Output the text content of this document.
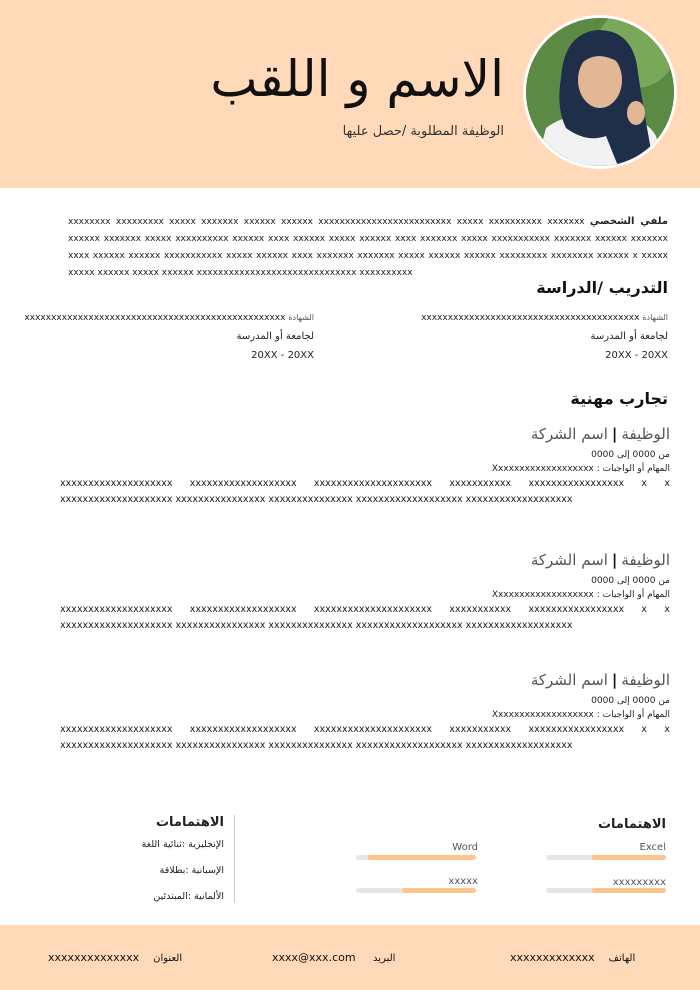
الاسم و اللقب
الوظيفة المطلوبة /حصل عليها
ملفي الشخصي xxxxxxxx xxxxxxxxx xxxxx xxxxxxx xxxxxx xxxxxx xxxxxxxxxxxxxxxxxxxxxxxxx xxxxx xxxxxxxxxx xxxxxxx xxxxxx xxxxxxx xxxxx xxxxxxxxxx xxxxxx xxxx xxxxxx xxxxx xxxxxx xxxx xxxxxxx xxxxx xxxxxxxxxxx xxxxxxx xxxxxx xxxxxxx xxxx xxxxxx xxxxxx xxxxxxxxxxx xxxxx xxxxxx xxxx xxxxxxx xxxxxxx xxxxx xxxxxx xxxxxx xxxxxxxxx xxxxxxxx xxxxxx x xxxxx xxxxx xxxxxx xxxxx xxxxxx xxxxxxxxxxxxxxxxxxxxxxxxxxxxxx xxxxxxxxxx
التدريب /الدراسة
الشهادة xxxxxxxxxxxxxxxxxxxxxxxxxxxxxxxxxxxxxxxxx
لجامعة أو المدرسة
20XX - 20XX
الشهادة xxxxxxxxxxxxxxxxxxxxxxxxxxxxxxxxxxxxxxxxxxxxxxxxx
لجامعة أو المدرسة
20XX - 20XX
تجارب مهنية
الوظيفة|اسم الشركة
من 0000 إلى 0000
المهام أو الواجبات : Xxxxxxxxxxxxxxxxxxx
xxxxxxxxxxxxxxxxxxxx xxxxxxxxxxxxxxxxxxx xxxxxxxxxxxxxxxxxxxxx xxxxxxxxxxx xxxxxxxxxxxxxxxxx x x xxxxxxxxxxxxxxxxxxxx xxxxxxxxxxxxxxxx xxxxxxxxxxxxxxx xxxxxxxxxxxxxxxxxxx xxxxxxxxxxxxxxxxxxx
الوظيفة|اسم الشركة
من 0000 إلى 0000
المهام أو الواجبات : Xxxxxxxxxxxxxxxxxxx
xxxxxxxxxxxxxxxxxxxx xxxxxxxxxxxxxxxxxxx xxxxxxxxxxxxxxxxxxxxx xxxxxxxxxxx xxxxxxxxxxxxxxxxx x x xxxxxxxxxxxxxxxxxxxx xxxxxxxxxxxxxxxx xxxxxxxxxxxxxxx xxxxxxxxxxxxxxxxxxx xxxxxxxxxxxxxxxxxxx
الوظيفة|اسم الشركة
من 0000 إلى 0000
المهام أو الواجبات : Xxxxxxxxxxxxxxxxxxx
xxxxxxxxxxxxxxxxxxxx xxxxxxxxxxxxxxxxxxx xxxxxxxxxxxxxxxxxxxxx xxxxxxxxxxx xxxxxxxxxxxxxxxxx x x xxxxxxxxxxxxxxxxxxxx xxxxxxxxxxxxxxxx xxxxxxxxxxxxxxx xxxxxxxxxxxxxxxxxxx xxxxxxxxxxxxxxxxxxx
الاهتمامات
الإنجليزية :ثنائية اللغة
الإسبانية :بطلاقة
الألمانية :المبتدئين
الاهتمامات
Excel
Word
xxxxxxxxx
xxxxx
xxxxxxxxxxxxx الهاتف
xxxx@xxx.com البريد
xxxxxxxxxxxxxx العنوان
